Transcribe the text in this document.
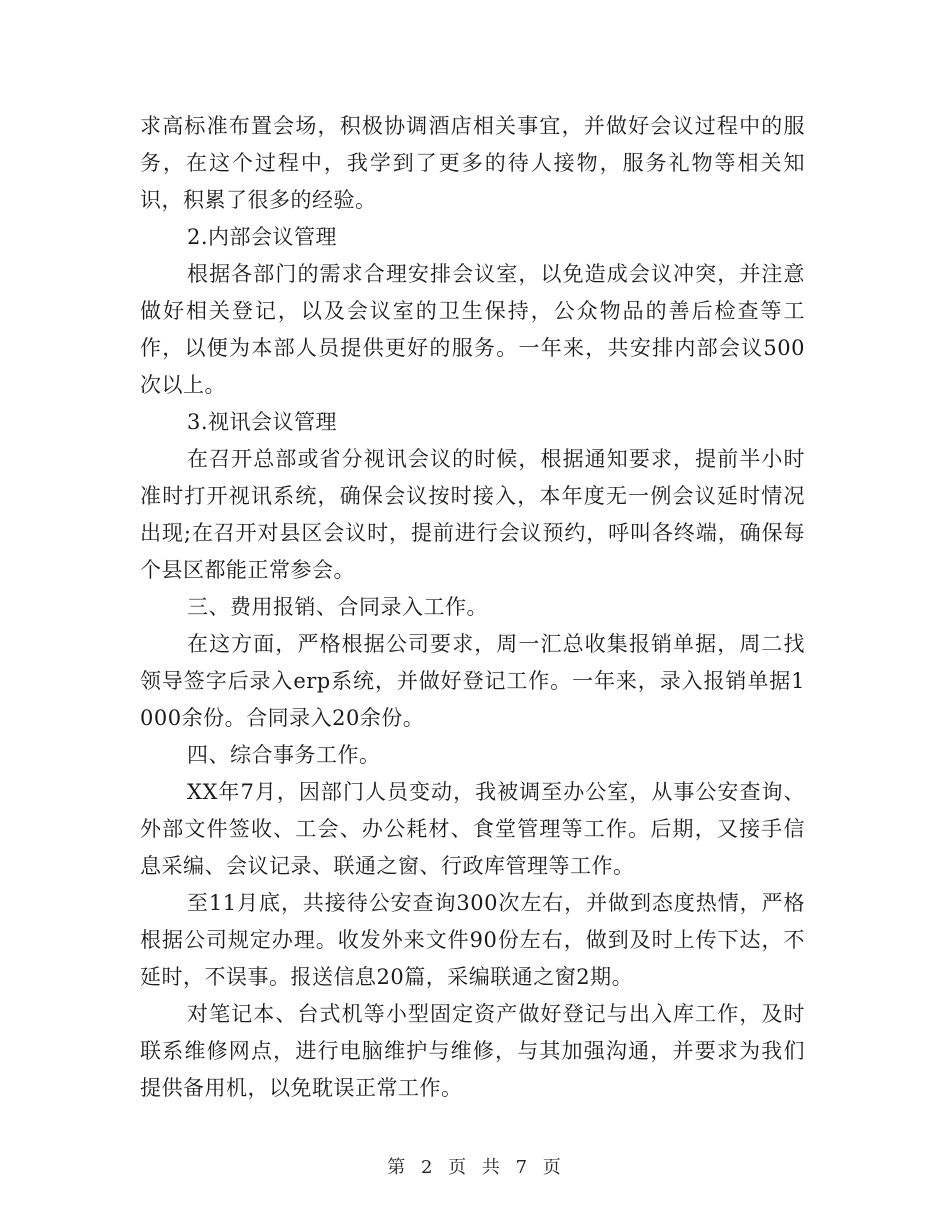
求高标准布置会场，积极协调酒店相关事宜，并做好会议过程中的服务，在这个过程中，我学到了更多的待人接物，服务礼物等相关知识，积累了很多的经验。

2.内部会议管理

根据各部门的需求合理安排会议室，以免造成会议冲突，并注意做好相关登记，以及会议室的卫生保持，公众物品的善后检查等工作，以便为本部人员提供更好的服务。一年来，共安排内部会议500次以上。

3.视讯会议管理

在召开总部或省分视讯会议的时候，根据通知要求，提前半小时准时打开视讯系统，确保会议按时接入，本年度无一例会议延时情况出现;在召开对县区会议时，提前进行会议预约，呼叫各终端，确保每个县区都能正常参会。

三、费用报销、合同录入工作。

在这方面，严格根据公司要求，周一汇总收集报销单据，周二找领导签字后录入erp系统，并做好登记工作。一年来，录入报销单据1000余份。合同录入20余份。

四、综合事务工作。

XX年7月，因部门人员变动，我被调至办公室，从事公安查询、外部文件签收、工会、办公耗材、食堂管理等工作。后期，又接手信息采编、会议记录、联通之窗、行政库管理等工作。

至11月底，共接待公安查询300次左右，并做到态度热情，严格根据公司规定办理。收发外来文件90份左右，做到及时上传下达，不延时，不误事。报送信息20篇，采编联通之窗2期。

对笔记本、台式机等小型固定资产做好登记与出入库工作，及时联系维修网点，进行电脑维护与维修，与其加强沟通，并要求为我们提供备用机，以免耽误正常工作。

第 2 页 共 7 页
